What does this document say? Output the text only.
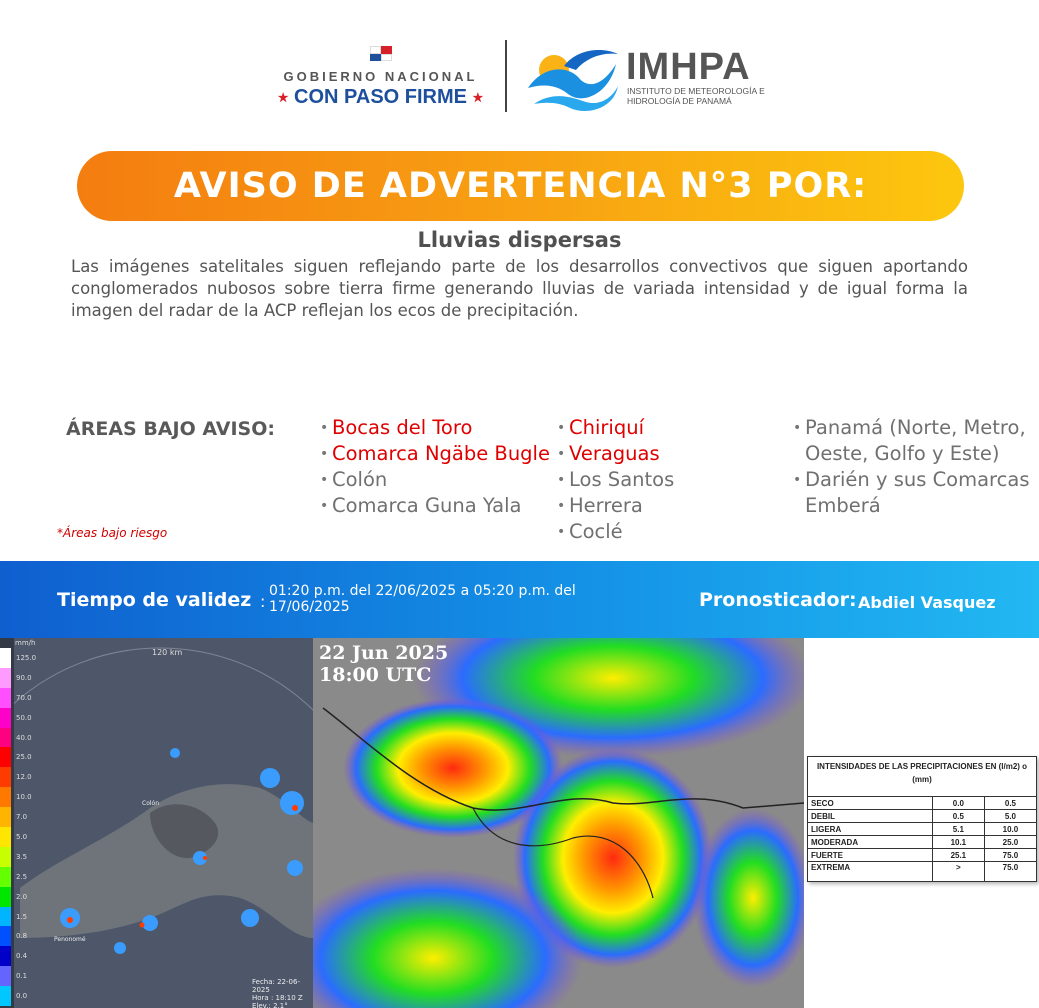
GOBIERNO NACIONAL
★ CON PASO FIRME ★
IMHPA
INSTITUTO DE METEOROLOGÍA E HIDROLOGÍA DE PANAMÁ
AVISO DE ADVERTENCIA N°3 POR:
Lluvias dispersas
Las imágenes satelitales siguen reflejando parte de los desarrollos convectivos que siguen aportando conglomerados nubosos sobre tierra firme generando lluvias de variada intensidad y de igual forma la imagen del radar de la ACP reflejan los ecos de precipitación.
ÁREAS BAJO AVISO:
*Áreas bajo riesgo
• Bocas del Toro
• Comarca Ngäbe Bugle
• Colón
• Comarca Guna Yala
• Chiriquí
• Veraguas
• Los Santos
• Herrera
• Coclé
• Panamá (Norte, Metro, Oeste, Golfo y Este)
• Darién y sus Comarcas Emberá
Tiempo de validez :
01:20 p.m. del 22/06/2025 a 05:20 p.m. del 17/06/2025	Pronosticador: Abdiel Vasquez
mm/h
125.0
90.0
70.0
50.0
40.0
25.0
12.0
10.0
7.0
5.0
3.5
2.5
2.0
1.5
0.8
0.4
0.1
0.0
120 km
Colón
Penonomé
Fecha: 22-06-2025
Hora : 18:10 Z
Elev.: 2.1°
22 Jun 2025
18:00 UTC
INTENSIDADES DE LAS PRECIPITACIONES EN (l/m2) o (mm)		
SECO	0.0	0.5
DEBIL	0.5	5.0
LIGERA	5.1	10.0
MODERADA	10.1	25.0
FUERTE	25.1	75.0
EXTREMA	>	75.0
